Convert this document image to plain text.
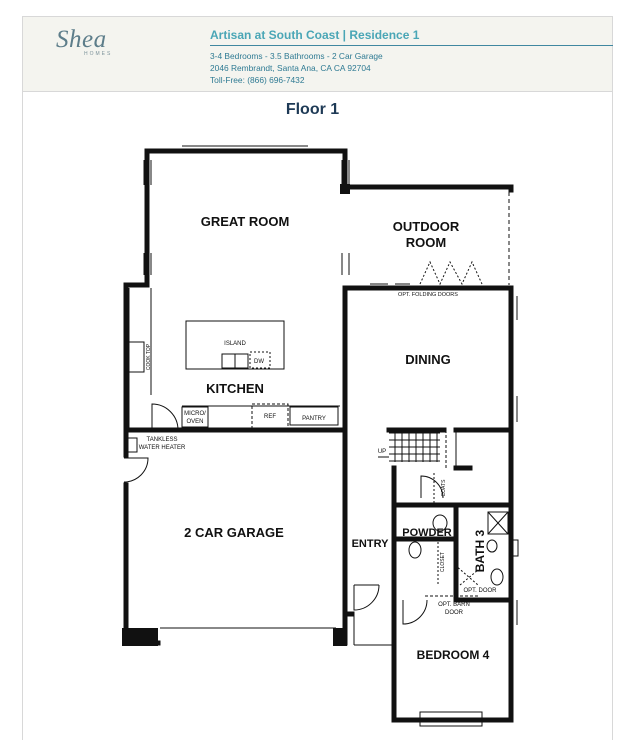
Shea
HOMES
Artisan at South Coast | Residence 1
3-4 Bedrooms - 3.5 Bathrooms - 2 Car Garage
2046 Rembrandt, Santa Ana, CA CA 92704
Toll-Free: (866) 696-7432
Floor 1
GREAT ROOM	OUTDOOR
ROOM
DINING
KITCHEN
2 CAR GARAGE
ENTRY
POWDER BATH 3
BEDROOM 4
ISLAND
DW
COOK TOP
MICRO/
OVEN
REF	PANTRY
TANKLESS
WATER HEATER
OPT. FOLDING DOORS
UP
COATS
CLOSET
OPT. DOOR
OPT. BARN
DOOR
